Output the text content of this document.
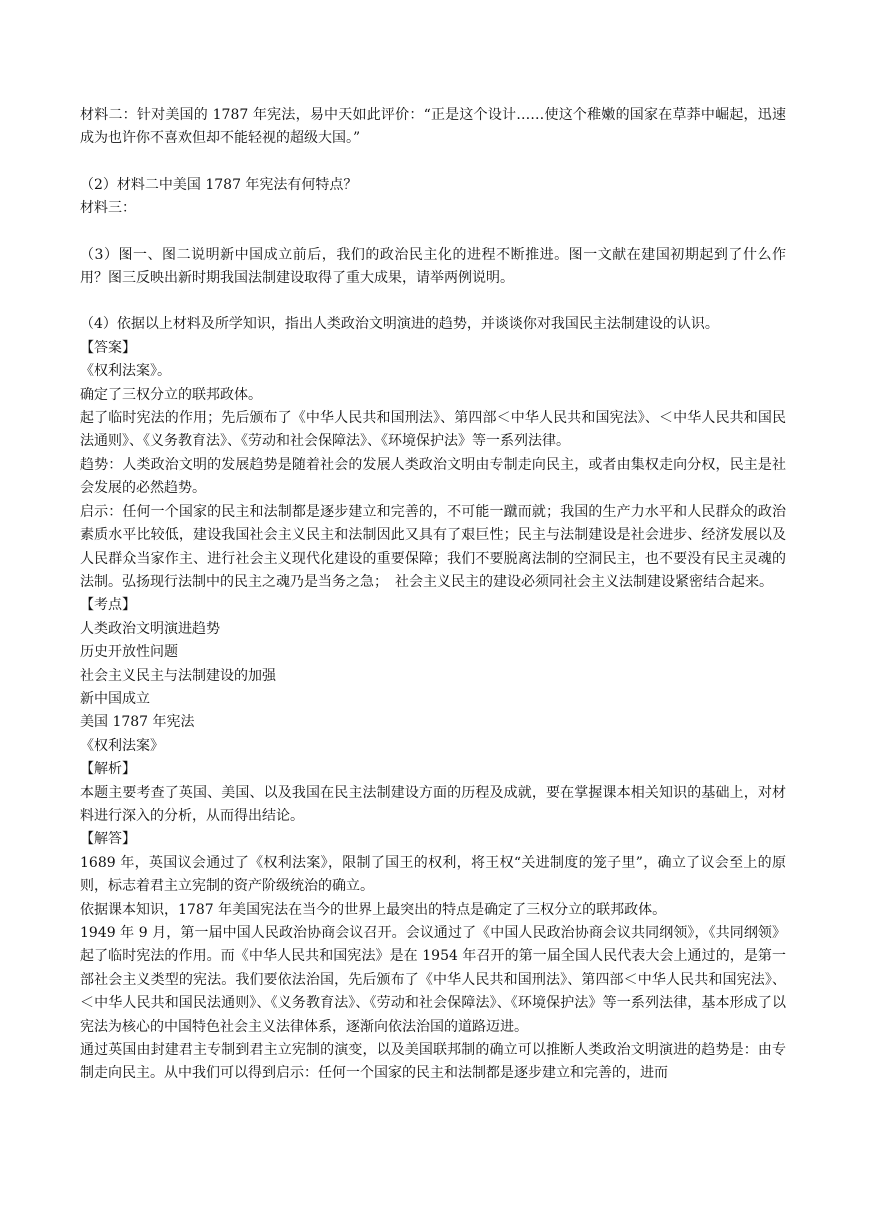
材料二：针对美国的 1787 年宪法，易中天如此评价：“正是这个设计……使这个稚嫩的国家在草莽中崛起，迅速成为也许你不喜欢但却不能轻视的超级大国。”

（2）材料二中美国 1787 年宪法有何特点？

材料三：

（3）图一、图二说明新中国成立前后，我们的政治民主化的进程不断推进。图一文献在建国初期起到了什么作用？图三反映出新时期我国法制建设取得了重大成果，请举两例说明。

（4）依据以上材料及所学知识，指出人类政治文明演进的趋势，并谈谈你对我国民主法制建设的认识。

【答案】

《权利法案》。

确定了三权分立的联邦政体。

起了临时宪法的作用；先后颁布了《中华人民共和国刑法》、第四部＜中华人民共和国宪法》、＜中华人民共和国民法通则》、《义务教育法》、《劳动和社会保障法》、《环境保护法》等一系列法律。

趋势：人类政治文明的发展趋势是随着社会的发展人类政治文明由专制走向民主，或者由集权走向分权，民主是社会发展的必然趋势。

启示：任何一个国家的民主和法制都是逐步建立和完善的，不可能一蹴而就；我国的生产力水平和人民群众的政治素质水平比较低，建设我国社会主义民主和法制因此又具有了艰巨性；民主与法制建设是社会进步、经济发展以及人民群众当家作主、进行社会主义现代化建设的重要保障；我们不要脱离法制的空洞民主，也不要没有民主灵魂的法制。弘扬现行法制中的民主之魂乃是当务之急；　社会主义民主的建设必须同社会主义法制建设紧密结合起来。

【考点】

人类政治文明演进趋势

历史开放性问题

社会主义民主与法制建设的加强

新中国成立

美国 1787 年宪法

《权利法案》

【解析】

本题主要考查了英国、美国、以及我国在民主法制建设方面的历程及成就，要在掌握课本相关知识的基础上，对材料进行深入的分析，从而得出结论。

【解答】

1689 年，英国议会通过了《权利法案》，限制了国王的权利，将王权“关进制度的笼子里”，确立了议会至上的原则，标志着君主立宪制的资产阶级统治的确立。

依据课本知识，1787 年美国宪法在当今的世界上最突出的特点是确定了三权分立的联邦政体。

1949 年 9 月，第一届中国人民政治协商会议召开。会议通过了《中国人民政治协商会议共同纲领》，《共同纲领》起了临时宪法的作用。而《中华人民共和国宪法》是在 1954 年召开的第一届全国人民代表大会上通过的，是第一部社会主义类型的宪法。我们要依法治国，先后颁布了《中华人民共和国刑法》、第四部＜中华人民共和国宪法》、＜中华人民共和国民法通则》、《义务教育法》、《劳动和社会保障法》、《环境保护法》等一系列法律，基本形成了以宪法为核心的中国特色社会主义法律体系，逐渐向依法治国的道路迈进。

通过英国由封建君主专制到君主立宪制的演变，以及美国联邦制的确立可以推断人类政治文明演进的趋势是：由专制走向民主。从中我们可以得到启示：任何一个国家的民主和法制都是逐步建立和完善的，进而
